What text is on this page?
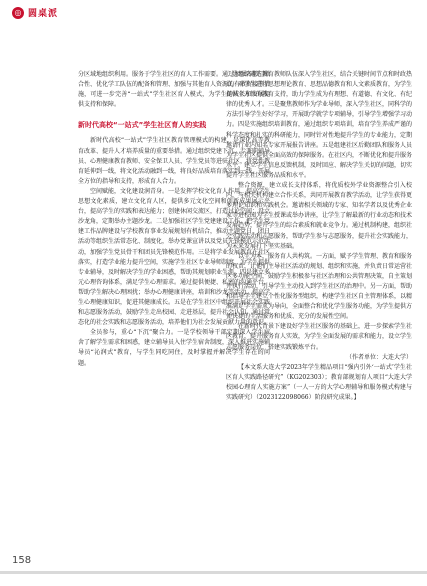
◎ 圆桌派

分区域地组织利用。服务于学生社区的育人工作需要。通过加强各部门联合性、优化学工队伍的配备和管理、加强与其他育人资源的有效衔接等措施，可进一步完善“一站式”学生社区育人模式，为学生的成长和发展提供支持和保障。

新时代高校“一站式”学生社区育人的实践

新时代高校“一站式”学生社区教育管理模式的构建，是深化高等教育改革、提升人才培养质量的重要举措。通过组织党建下沉、专兼职辅导员、心理健康教育教师、安全保卫人员、学生党员等进驻社区，将党性教育延伸到一线，将文化活动融到一线，将良好品质培育落实到一线，开展全方位的指导和支持，形成育人合力。

空间赋能，文化建设润青身。一是发挥学校文化育人作用，提高学生思想文化素质，建立文化育人区，提供多元文化空间和创新成果展示平台，提高学生的实践和表达能力；创建休闲交流区，打造讨论空间；设立沙龙角，定期举办主题沙龙。二是加强社区学生党建建设工作，把学生党建工作品牌建设与学校教育事业发展规划有机结合，推动主题党日、团日活动等组织生活常态化、制度化，举办党课宣讲以及党员先锋模范示范活动，加强学生党员骨干和团员先锋模范作用。三是将学业发展教育在社区落实，打造学业能力提升空间，实施学生社区专业导师制度，为学生提供专业辅导，及时解决学生的学业困惑，帮助其规划职业生涯。四是建立多元心理咨询体系，满足学生心理需求。通过提供便捷、私密的沟通平台，帮助学生解决心理困扰；举办心理健康讲座，培训和沙龙等活动，提高学生心理健康知识，促进其健康成长。五是在学生社区中组织开展社会实践和志愿服务活动，鼓励学生走出校园、走进基层，提升社会认知。通过常态化的社会实践和志愿服务活动，培养他们为社会发展贡献力量的意识。

全员参与，重心“下沉”聚合力。一是学校领导干部定期深入学生宿舍了解学生需求和困惑，建立辅导员入住学生宿舍制度，深入推进实施辅导员“沁润式”教育，与学生同吃同住，及时掌握并解决学生存在的问题。

二是组织遴选教育教师队伍深入学生社区，结合关键时间节点和时政热点，对学生进行思想理论教育、思想品德教育和人文素质教育，为学生提供全方位的教育支持，助力学生成为有理想、有道德、有文化、有纪律的优秀人才。三是聚焦教师作为学业导师，深入学生社区，同科学的方法引导学生好好学习，开展助学就学专项辅导，引导学生增强学习动力。四是实施组织培训教育，通过组织专项培训，培育学生养成严谨的科学态度和扎实的科研能力，同时针对性地提升学生的专业能力，定期邀请行业内知名专家开展报告讲座。五是组建社区后勤团队和服务人员为学生社区提供全面高效的保障服务。在社区内，不断优化和提升服务水平，建立学生信息反馈机制，及时回应、解决学生关切的问题，切实提升学生社区服务品质和水平。

整合资源，建立成长支持体系，将优质校外学业资源整合引入校内，与相关机构建立合作关系，共同开展教育教学活动，让学生获得更多理论知识和实践机会。邀请相关领域的专家、知名学者以及优秀企业家等进校园为学生授课或举办讲座，让学生了解最新的行业动态和技术发展趋势，提升学生的综合素质和就业竞争力。通过机制构建，组织社会实践活动和志愿服务，帮助学生参与志愿服务，提升社会实践能力，为未来发展打下坚实基础。

以生为本，服务育人共构筑。一方面，赋予学生管理、教育和服务的权责，让他们主导社区活动的规划、组织和实施，并负责日常运营社区多功能空间，鼓励学生积极参与社区治理和公共管理决策，自主策划并执行活动，引导学生主动投入到学生社区的治理中。另一方面，帮助和指导学生建立个性化服务型组织，构建学生社区自主管理体系，以精准满足学生需求为导向，全面整合和优化学生服务功能，为学生提供方便快捷的生活服务和优质、充分的发展性空间。

在新时代背景下建设好学生社区服务的基础上，进一步探索学生社区教育，提升服务育人实效，为学生全面发展的需求和能力，设立学生志愿服务岗位，搭建实践锻炼平台。

（作者单位：大连大学）

【本文系大连大学2023年学生精品项目“强内引外‘一站式’学生社区育人实践路径研究”（KG202303）；教育部规划育人项目“大连大学校园心理育人实施方案”（一人一方的大学心理辅导和服务模式构建与实践研究）（2023122098066）阶段研究成果。】

158
